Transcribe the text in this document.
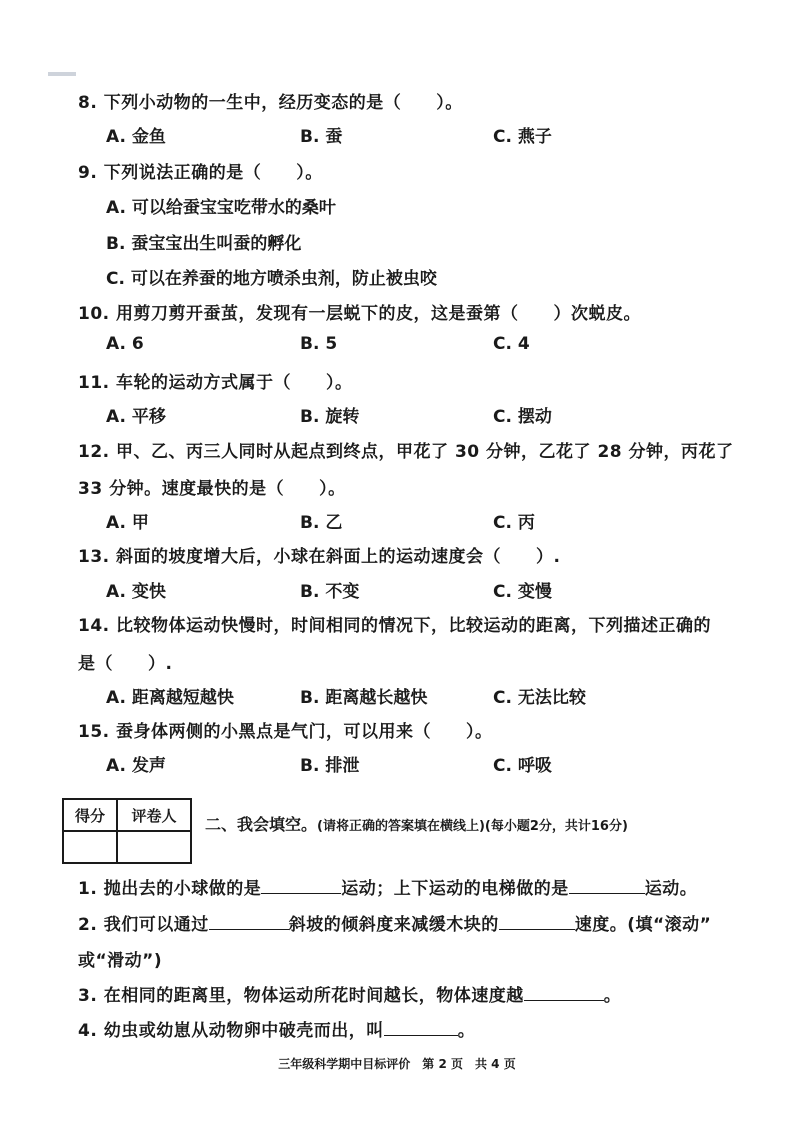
8. 下列小动物的一生中，经历变态的是（　　）。
A. 金鱼	B. 蚕	C. 燕子
9. 下列说法正确的是（　　）。
A. 可以给蚕宝宝吃带水的桑叶
B. 蚕宝宝出生叫蚕的孵化
C. 可以在养蚕的地方喷杀虫剂，防止被虫咬
10. 用剪刀剪开蚕茧，发现有一层蜕下的皮，这是蚕第（　　）次蜕皮。
A. 6	B. 5	C. 4
11. 车轮的运动方式属于（　　）。
A. 平移	B. 旋转	C. 摆动
12. 甲、乙、丙三人同时从起点到终点，甲花了 30 分钟，乙花了 28 分钟，丙花了
33 分钟。速度最快的是（　　）。
A. 甲	B. 乙	C. 丙
13. 斜面的坡度增大后，小球在斜面上的运动速度会（　　）.
A. 变快	B. 不变	C. 变慢
14. 比较物体运动快慢时，时间相同的情况下，比较运动的距离，下列描述正确的
是（　　）.
A. 距离越短越快	B. 距离越长越快	C. 无法比较
15. 蚕身体两侧的小黑点是气门，可以用来（　　）。
A. 发声	B. 排泄	C. 呼吸
得分	评卷人
	二、我会填空。(请将正确的答案填在横线上)(每小题2分，共计16分)
1. 抛出去的小球做的是	运动；上下运动的电梯做的是	运动。
2. 我们可以通过	斜坡的倾斜度来减缓木块的	速度。(填“滚动”
或“滑动”)
3. 在相同的距离里，物体运动所花时间越长，物体速度越	。
4. 幼虫或幼崽从动物卵中破壳而出，叫	。
三年级科学期中目标评价　第 2 页　共 4 页
